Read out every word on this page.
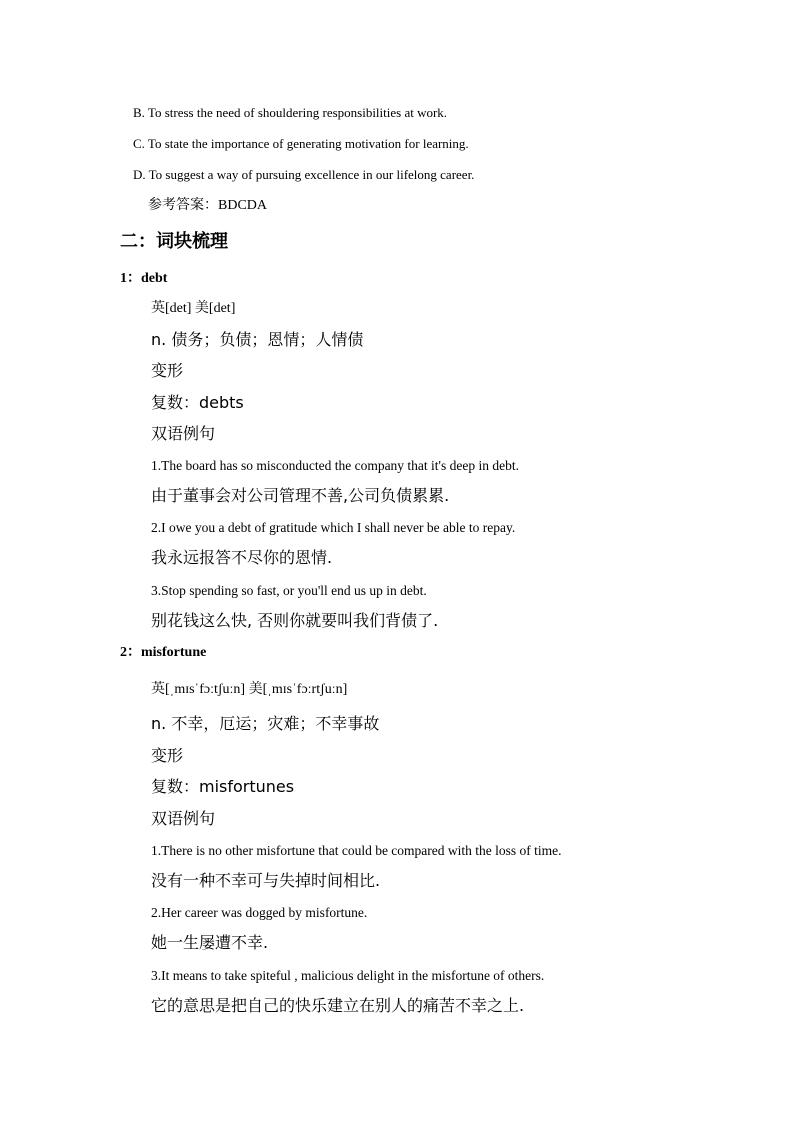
B. To stress the need of shouldering responsibilities at work.
C. To state the importance of generating motivation for learning.
D. To suggest a way of pursuing excellence in our lifelong career.
参考答案：BDCDA
二：词块梳理
1：debt
英[det] 美[det]
n. 债务；负债；恩情；人情债
变形
复数：debts
双语例句
1.The board has so misconducted the company that it's deep in debt.
由于董事会对公司管理不善,公司负债累累.
2.I owe you a debt of gratitude which I shall never be able to repay.
我永远报答不尽你的恩情.
3.Stop spending so fast, or you'll end us up in debt.
别花钱这么快, 否则你就要叫我们背债了.
2：misfortune
英[ˌmɪsˈfɔːtʃuːn] 美[ˌmɪsˈfɔːrtʃuːn]
n. 不幸，厄运；灾难；不幸事故
变形
复数：misfortunes
双语例句
1.There is no other misfortune that could be compared with the loss of time.
没有一种不幸可与失掉时间相比.
2.Her career was dogged by misfortune.
她一生屡遭不幸.
3.It means to take spiteful , malicious delight in the misfortune of others.
它的意思是把自己的快乐建立在别人的痛苦不幸之上.
